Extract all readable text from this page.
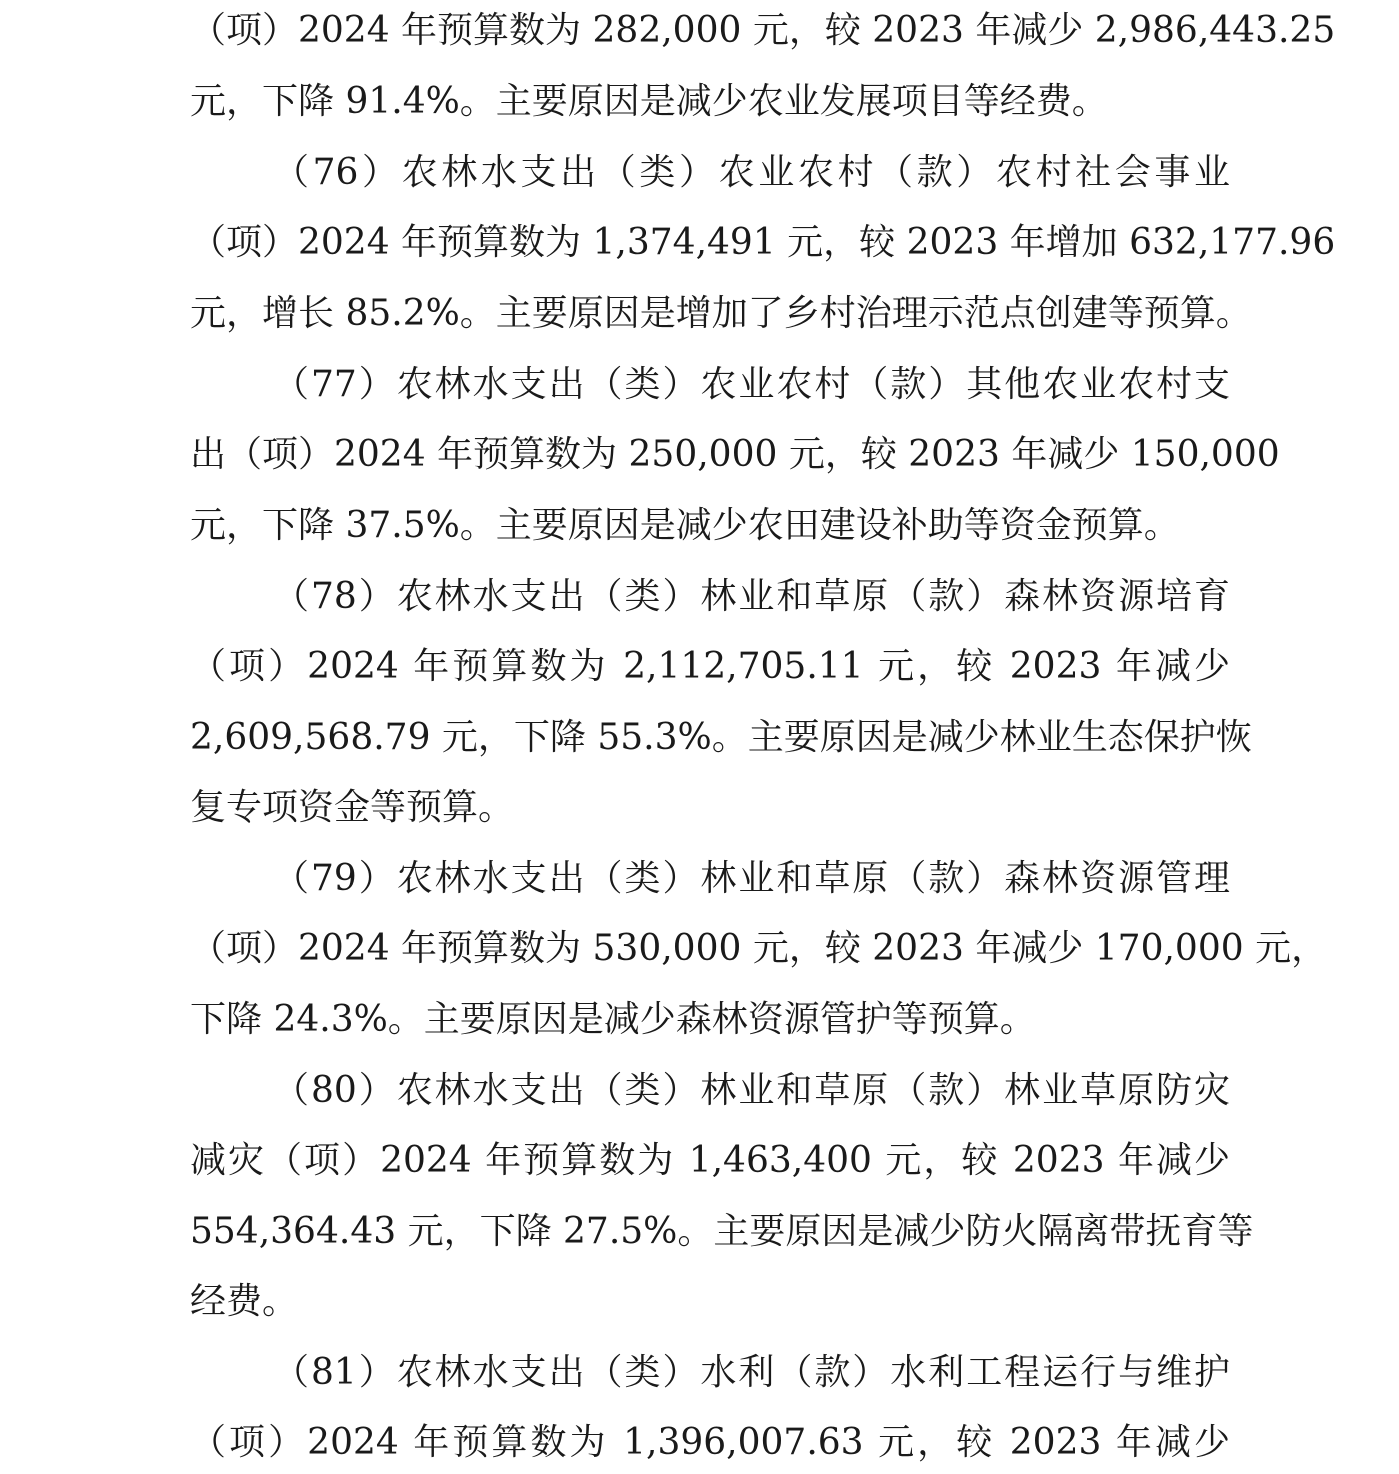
（项）2024 年预算数为 282,000 元，较 2023 年减少 2,986,443.25
元，下降 91.4%。主要原因是减少农业发展项目等经费。
（76）农林水支出（类）农业农村（款）农村社会事业
（项）2024 年预算数为 1,374,491 元，较 2023 年增加 632,177.96
元，增长 85.2%。主要原因是增加了乡村治理示范点创建等预算。
（77）农林水支出（类）农业农村（款）其他农业农村支
出（项）2024 年预算数为 250,000 元，较 2023 年减少 150,000
元，下降 37.5%。主要原因是减少农田建设补助等资金预算。
（78）农林水支出（类）林业和草原（款）森林资源培育
（项）2024 年预算数为 2,112,705.11 元，较 2023 年减少
2,609,568.79 元，下降 55.3%。主要原因是减少林业生态保护恢
复专项资金等预算。
（79）农林水支出（类）林业和草原（款）森林资源管理
（项）2024 年预算数为 530,000 元，较 2023 年减少 170,000 元，
下降 24.3%。主要原因是减少森林资源管护等预算。
（80）农林水支出（类）林业和草原（款）林业草原防灾
减灾（项）2024 年预算数为 1,463,400 元，较 2023 年减少
554,364.43 元，下降 27.5%。主要原因是减少防火隔离带抚育等
经费。
（81）农林水支出（类）水利（款）水利工程运行与维护
（项）2024 年预算数为 1,396,007.63 元，较 2023 年减少
